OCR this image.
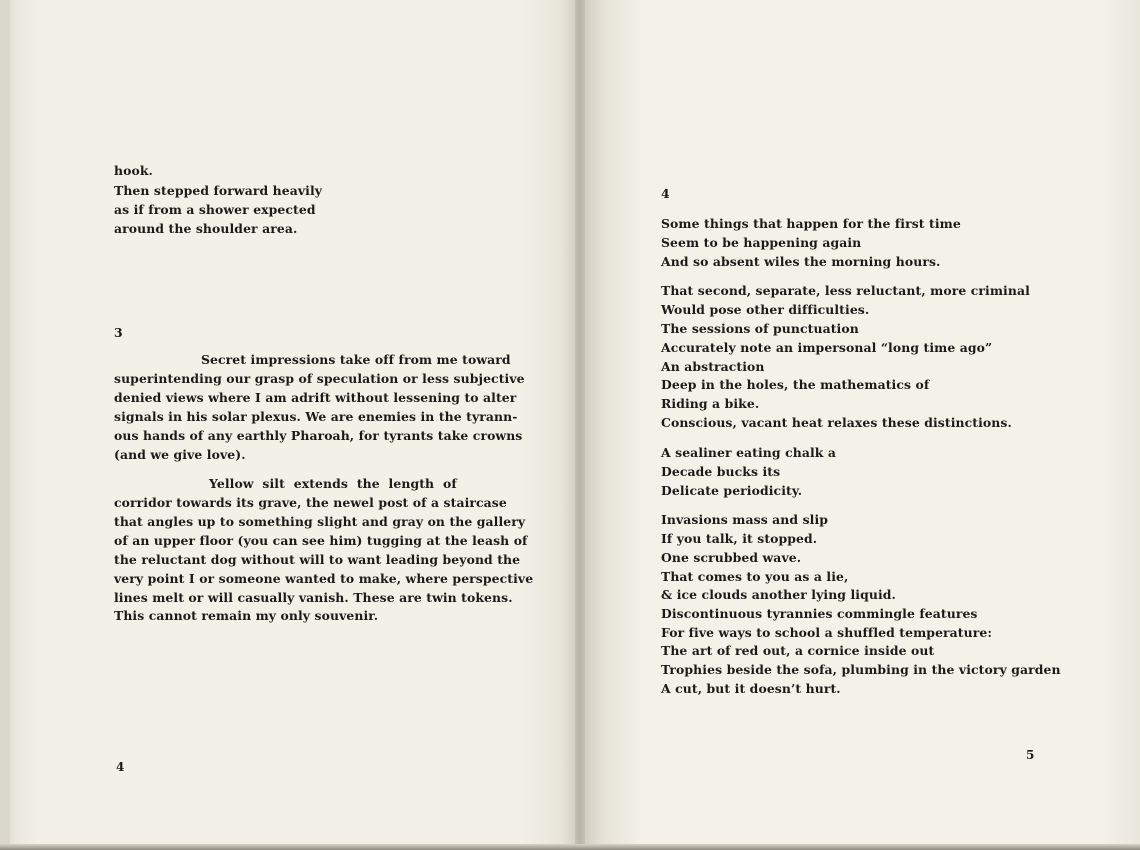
hook.
Then stepped forward heavily
as if from a shower expected
around the shoulder area.
3
Secret impressions take off from me toward
superintending our grasp of speculation or less subjective
denied views where I am adrift without lessening to alter
signals in his solar plexus. We are enemies in the tyrann-
ous hands of any earthly Pharoah, for tyrants take crowns
(and we give love).
Yellow  silt  extends  the  length  of
corridor towards its grave, the newel post of a staircase
that angles up to something slight and gray on the gallery
of an upper floor (you can see him) tugging at the leash of
the reluctant dog without will to want leading beyond the
very point I or someone wanted to make, where perspective
lines melt or will casually vanish. These are twin tokens.
This cannot remain my only souvenir.
4
4
Some things that happen for the first time
Seem to be happening again
And so absent wiles the morning hours.
That second, separate, less reluctant, more criminal
Would pose other difficulties.
The sessions of punctuation
Accurately note an impersonal “long time ago”
An abstraction
Deep in the holes, the mathematics of
Riding a bike.
Conscious, vacant heat relaxes these distinctions.
A sealiner eating chalk a
Decade bucks its
Delicate periodicity.
Invasions mass and slip
If you talk, it stopped.
One scrubbed wave.
That comes to you as a lie,
& ice clouds another lying liquid.
Discontinuous tyrannies commingle features
For five ways to school a shuffled temperature:
The art of red out, a cornice inside out
Trophies beside the sofa, plumbing in the victory garden
A cut, but it doesn’t hurt.
5
